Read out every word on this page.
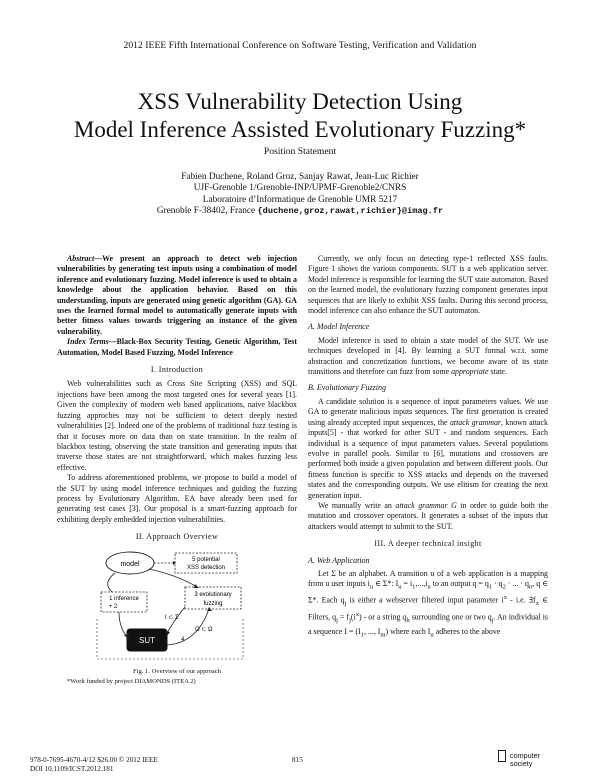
2012 IEEE Fifth International Conference on Software Testing, Verification and Validation
XSS Vulnerability Detection Using
Model Inference Assisted Evolutionary Fuzzing*
Position Statement
Fabien Duchene, Roland Groz, Sanjay Rawat, Jean-Luc Richier
UJF-Grenoble 1/Grenoble-INP/UPMF-Grenoble2/CNRS
Laboratoire d’Informatique de Grenoble UMR 5217
Grenoble F-38402, France {duchene,groz,rawat,richier}@imag.fr

Abstract—We present an approach to detect web injection vulnerabilities by generating test inputs using a combination of model inference and evolutionary fuzzing. Model inference is used to obtain a knowledge about the application behavior. Based on this understanding, inputs are generated using genetic algorithm (GA). GA uses the learned formal model to automatically generate inputs with better fitness values towards triggering an instance of the given vulnerability.

Index Terms—Black-Box Security Testing, Genetic Algorithm, Test Automation, Model Based Fuzzing, Model Inference

I. Introduction

Web vulnerabilities such as Cross Site Scripting (XSS) and SQL injections have been among the most targeted ones for several years [1]. Given the complexity of modern web based applications, naive blackbox fuzzing approches may not be sufficient to detect deeply nested vulnerabilities [2]. Indeed one of the problems of traditional fuzz testing is that it focuses more on data than on state transition. In the realm of blackbox testing, observing the state transition and generating inputs that traverse those states are not straightforward, which makes fuzzing less effective.

To address aforementioned problems, we propose to build a model of the SUT by using model inference techniques and guiding the fuzzing process by Evolutionary Algorithm. EA have already been used for generating test cases [3]. Our proposal is a smart-fuzzing approach for exhibiting deeply embedded injection vulnerabilities.

II. Approach Overview
5 potential
XSS detection
model
1 inference
+ 2
3 evolutionary
fuzzing
SUT
I ⊂ Σ
O ⊂ Ω
4
Fig. 1. Overview of our approach

*Work funded by project DIAMONDS (ITEA 2)

Currently, we only focus on detecting type-1 reflected XSS faults. Figure 1 shows the various components. SUT is a web application server. Model inference is responsible for learning the SUT state automaton. Based on the learned model, the evolutionary fuzzing component generates input sequences that are likely to exhibit XSS faults. During this second process, model inference can also enhance the SUT automaton.

A. Model Inference

Model inference is used to obtain a state model of the SUT. We use techniques developed in [4]. By learning a SUT formal w.r.t. some abstraction and concretization functions, we become aware of its state transitions and therefore can fuzz from some appropriate state.

B. Evolutionary Fuzzing

A candidate solution is a sequence of input parameters values. We use GA to generate malicious inputs sequences. The first generation is created using already accepted input sequences, the attack grammar, known attack inputs[5] - that worked for other SUT - and random sequences. Each individual is a sequence of input parameters values. Several populations evolve in parallel pools. Similar to [6], mutations and crossovers are performed both inside a given population and between different pools. Our fitness function is specific to XSS attacks and depends on the traversed states and the corresponding outputs. We use elitism for creating the next generation input.

We manually write an attack grammar G in order to guide both the mutation and crossover operators. It generates a subset of the inputs that attackers would attempt to submit to the SUT.

III. A deeper technical insight
A. Web Application

Let Σ be an alphabet. A transition u of a web application is a mapping from u user inputs $i_u$ ∈ Σ*: $I_u = i_1,...,i_u$ to an output $q = q_1 \cdot q_2$ · ... · $q_n$, q ∈ Σ*. Each $q_j$ is either a webserver filtered input parameter $i^x - i.e$. $\exists f_x$ ∈ Filters, $q_j = f_j(i^x)$ - or a string $q_h$ surrounding one or two $q_j$. An individual is a sequence $I = (I_1$, ..., $I_m$) where each $I_u$ adheres to the above

978-0-7695-4670-4/12 $26.00 © 2012 IEEE
DOI 10.1109/ICST.2012.181
815	computer
society
